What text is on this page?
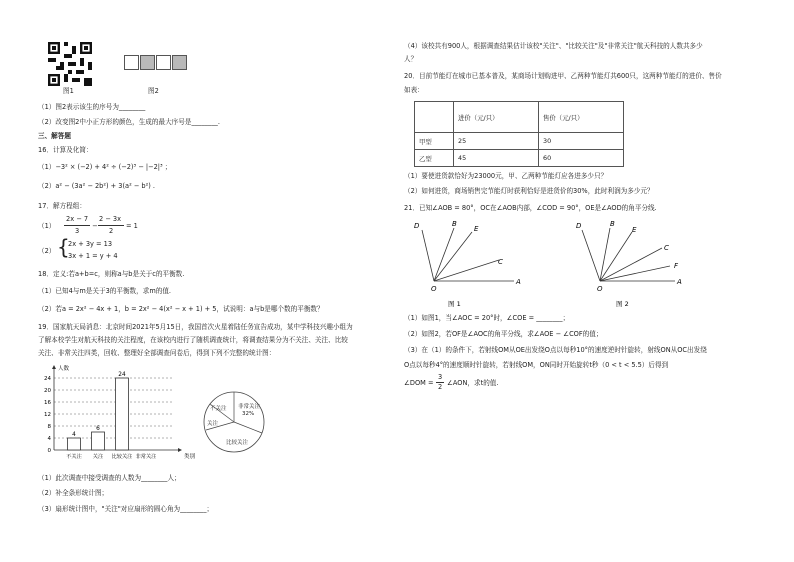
图1	图2
（1）图2表示该生的序号为________
（2）改变图2中小正方形的颜色，生成的最大序号是________.
三、解答题
16．计算及化简：
（1）−3² × (−2) + 4² ÷ (−2)³ − |−2|³ ；
（2）a² − (3a² − 2b²) + 3(a² − b²) .
17．解方程组：
（1）
2x − 7
3
−
2 − 3x
2
= 1
（2） {
2x + 3y = 13
3x + 1 = y + 4
18．定义:若a+b=c，则称a与b是关于c的平衡数.
（1）已知4与m是关于3的平衡数，求m的值.
（2）若a = 2x² − 4x + 1，b = 2x² − 4(x² − x + 1) + 5，试说明：a与b是哪个数的平衡数？
19．国家航天局消息：北京时间2021年5月15日，我国首次火星着陆任务宣告成功，某中学科技兴趣小组为
了解本校学生对航天科技的关注程度，在该校内进行了随机调查统计，将调查结果分为不关注、关注、比较
关注、非常关注四类，回收、整理好全部调查问卷后，得到下列不完整的统计图：
0
4
8
12
16
20
24
人数
类别
不关注
4
关注
6
比较关注
24
非常关注
非常关注
32%
不关注
关注
比较关注
（1）此次调查中接受调查的人数为________人；
（2）补全条形统计图；
（3）扇形统计图中，"关注"对应扇形的圆心角为________；
（4）该校共有900人，根据调查结果估计该校"关注"、"比较关注"及"非常关注"航天科技的人数共多少
人？
20．目前节能灯在城市已基本普及，某商场计划购进甲、乙两种节能灯共600只，这两种节能灯的进价、售价
如表：
	进价（元/只）	售价（元/只）
甲型	25	30
乙型	45	60
（1）要使进货款恰好为23000元，甲、乙两种节能灯应各进多少只？
（2）如何进货，商场销售完节能灯时获利恰好是进货价的30%，此时利润为多少元？
21．已知∠AOB = 80°，OC在∠AOB内部，∠COD = 90°，OE是∠AOD的角平分线.
D	B
E
C
O
A
图 1
D	B
E
F
C
O
A
图 2
（1）如图1，当∠AOC = 20°时，∠COE = ________；
（2）如图2，若OF是∠AOC的角平分线，求∠AOE − ∠COF的值；
（3）在（1）的条件下，若射线OM从OE出发绕O点以每秒10°的速度逆时针旋转，射线ON从OC出发绕
O点以每秒4°的速度顺时针旋转，若射线OM，ON同时开始旋转t秒（0 < t < 5.5）后得到
∠DOM =
3
2 ∠AON，求t的值.
